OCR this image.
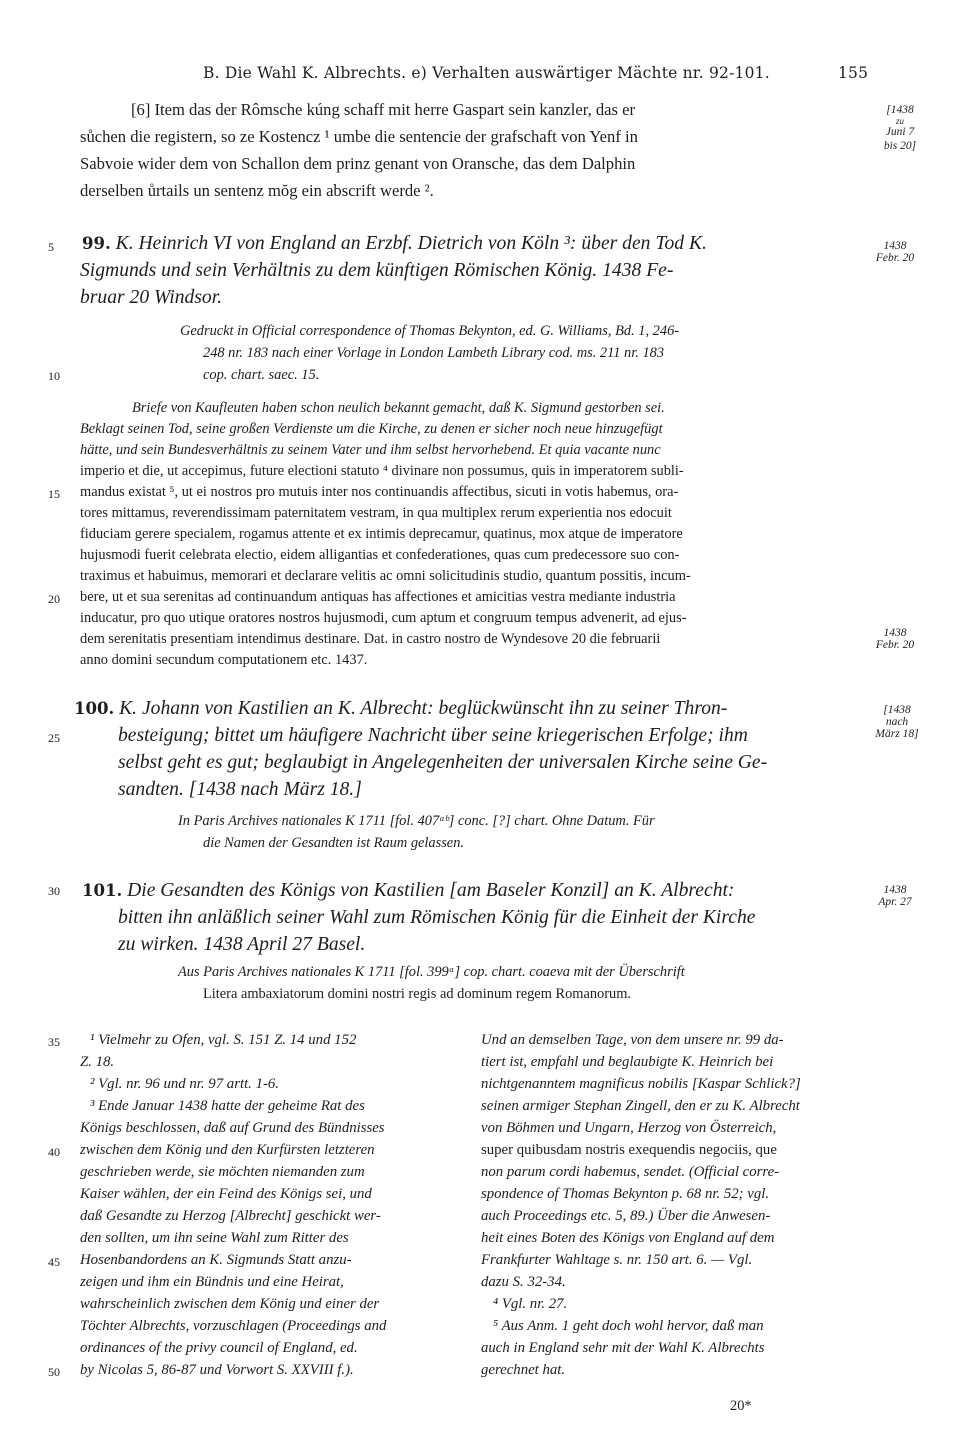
B. Die Wahl K. Albrechts. e) Verhalten auswärtiger Mächte nr. 92-101.	155
[6] Item das der Rômsche kúng schaff mit herre Gaspart sein kanzler, das er
sůchen die registern, so ze Kostencz ¹ umbe die sentencie der grafschaft von Yenf in
Sabvoie wider dem von Schallon dem prinz genant von Oransche, das dem Dalphin
derselben ůrtails un sentenz mŏg ein abscrift werde ².
[1438
zu
Juni 7
bis 20]
99. K. Heinrich VI von England an Erzbf. Dietrich von Köln ³: über den Tod K.
Sigmunds und sein Verhältnis zu dem künftigen Römischen König. 1438 Fe-
bruar 20 Windsor.
1438
Febr. 20
Gedruckt in Official correspondence of Thomas Bekynton, ed. G. Williams, Bd. 1, 246-
248 nr. 183 nach einer Vorlage in London Lambeth Library cod. ms. 211 nr. 183
cop. chart. saec. 15.
Briefe von Kaufleuten haben schon neulich bekannt gemacht, daß K. Sigmund gestorben sei.
Beklagt seinen Tod, seine großen Verdienste um die Kirche, zu denen er sicher noch neue hinzugefügt
hätte, und sein Bundesverhältnis zu seinem Vater und ihm selbst hervorhebend. Et quia vacante nunc
imperio et die, ut accepimus, future electioni statuto ⁴ divinare non possumus, quis in imperatorem subli-
mandus existat ⁵, ut ei nostros pro mutuis inter nos continuandis affectibus, sicuti in votis habemus, ora-
tores mittamus, reverendissimam paternitatem vestram, in qua multiplex rerum experientia nos edocuit
fiduciam gerere specialem, rogamus attente et ex intimis deprecamur, quatinus, mox atque de imperatore
hujusmodi fuerit celebrata electio, eidem alligantias et confederationes, quas cum predecessore suo con-
traximus et habuimus, memorari et declarare velitis ac omni solicitudinis studio, quantum possitis, incum-
bere, ut et sua serenitas ad continuandum antiquas has affectiones et amicitias vestra mediante industria
inducatur, pro quo utique oratores nostros hujusmodi, cum aptum et congruum tempus advenerit, ad ejus-
dem serenitatis presentiam intendimus destinare. Dat. in castro nostro de Wyndesove 20 die februarii
anno domini secundum computationem etc. 1437.
1438
Febr. 20
100. K. Johann von Kastilien an K. Albrecht: beglückwünscht ihn zu seiner Thron-
besteigung; bittet um häufigere Nachricht über seine kriegerischen Erfolge; ihm
selbst geht es gut; beglaubigt in Angelegenheiten der universalen Kirche seine Ge-
sandten. [1438 nach März 18.]
[1438
nach
März 18]
In Paris Archives nationales K 1711 [fol. 407ᵃᵇ] conc. [?] chart. Ohne Datum. Für
die Namen der Gesandten ist Raum gelassen.
101. Die Gesandten des Königs von Kastilien [am Baseler Konzil] an K. Albrecht:
bitten ihn anläßlich seiner Wahl zum Römischen König für die Einheit der Kirche
zu wirken. 1438 April 27 Basel.
1438
Apr. 27
Aus Paris Archives nationales K 1711 [fol. 399ᵃ] cop. chart. coaeva mit der Überschrift
Litera ambaxiatorum domini nostri regis ad dominum regem Romanorum.
¹ Vielmehr zu Ofen, vgl. S. 151 Z. 14 und 152
Z. 18.
² Vgl. nr. 96 und nr. 97 artt. 1-6.
³ Ende Januar 1438 hatte der geheime Rat des
Königs beschlossen, daß auf Grund des Bündnisses
zwischen dem König und den Kurfürsten letzteren
geschrieben werde, sie möchten niemanden zum
Kaiser wählen, der ein Feind des Königs sei, und
daß Gesandte zu Herzog [Albrecht] geschickt wer-
den sollten, um ihn seine Wahl zum Ritter des
Hosenbandordens an K. Sigmunds Statt anzu-
zeigen und ihm ein Bündnis und eine Heirat,
wahrscheinlich zwischen dem König und einer der
Töchter Albrechts, vorzuschlagen (Proceedings and
ordinances of the privy council of England, ed.
by Nicolas 5, 86-87 und Vorwort S. XXVIII f.).
Und an demselben Tage, von dem unsere nr. 99 da-
tiert ist, empfahl und beglaubigte K. Heinrich bei
nichtgenanntem magnificus nobilis [Kaspar Schlick?]
seinen armiger Stephan Zingell, den er zu K. Albrecht
von Böhmen und Ungarn, Herzog von Österreich,
super quibusdam nostris exequendis negociis, que
non parum cordi habemus, sendet. (Official corre-
spondence of Thomas Bekynton p. 68 nr. 52; vgl.
auch Proceedings etc. 5, 89.) Über die Anwesen-
heit eines Boten des Königs von England auf dem
Frankfurter Wahltage s. nr. 150 art. 6. — Vgl.
dazu S. 32-34.
⁴ Vgl. nr. 27.
⁵ Aus Anm. 1 geht doch wohl hervor, daß man
auch in England sehr mit der Wahl K. Albrechts
gerechnet hat.
20*
5
10
15
20
25
30
35
40
45
50
